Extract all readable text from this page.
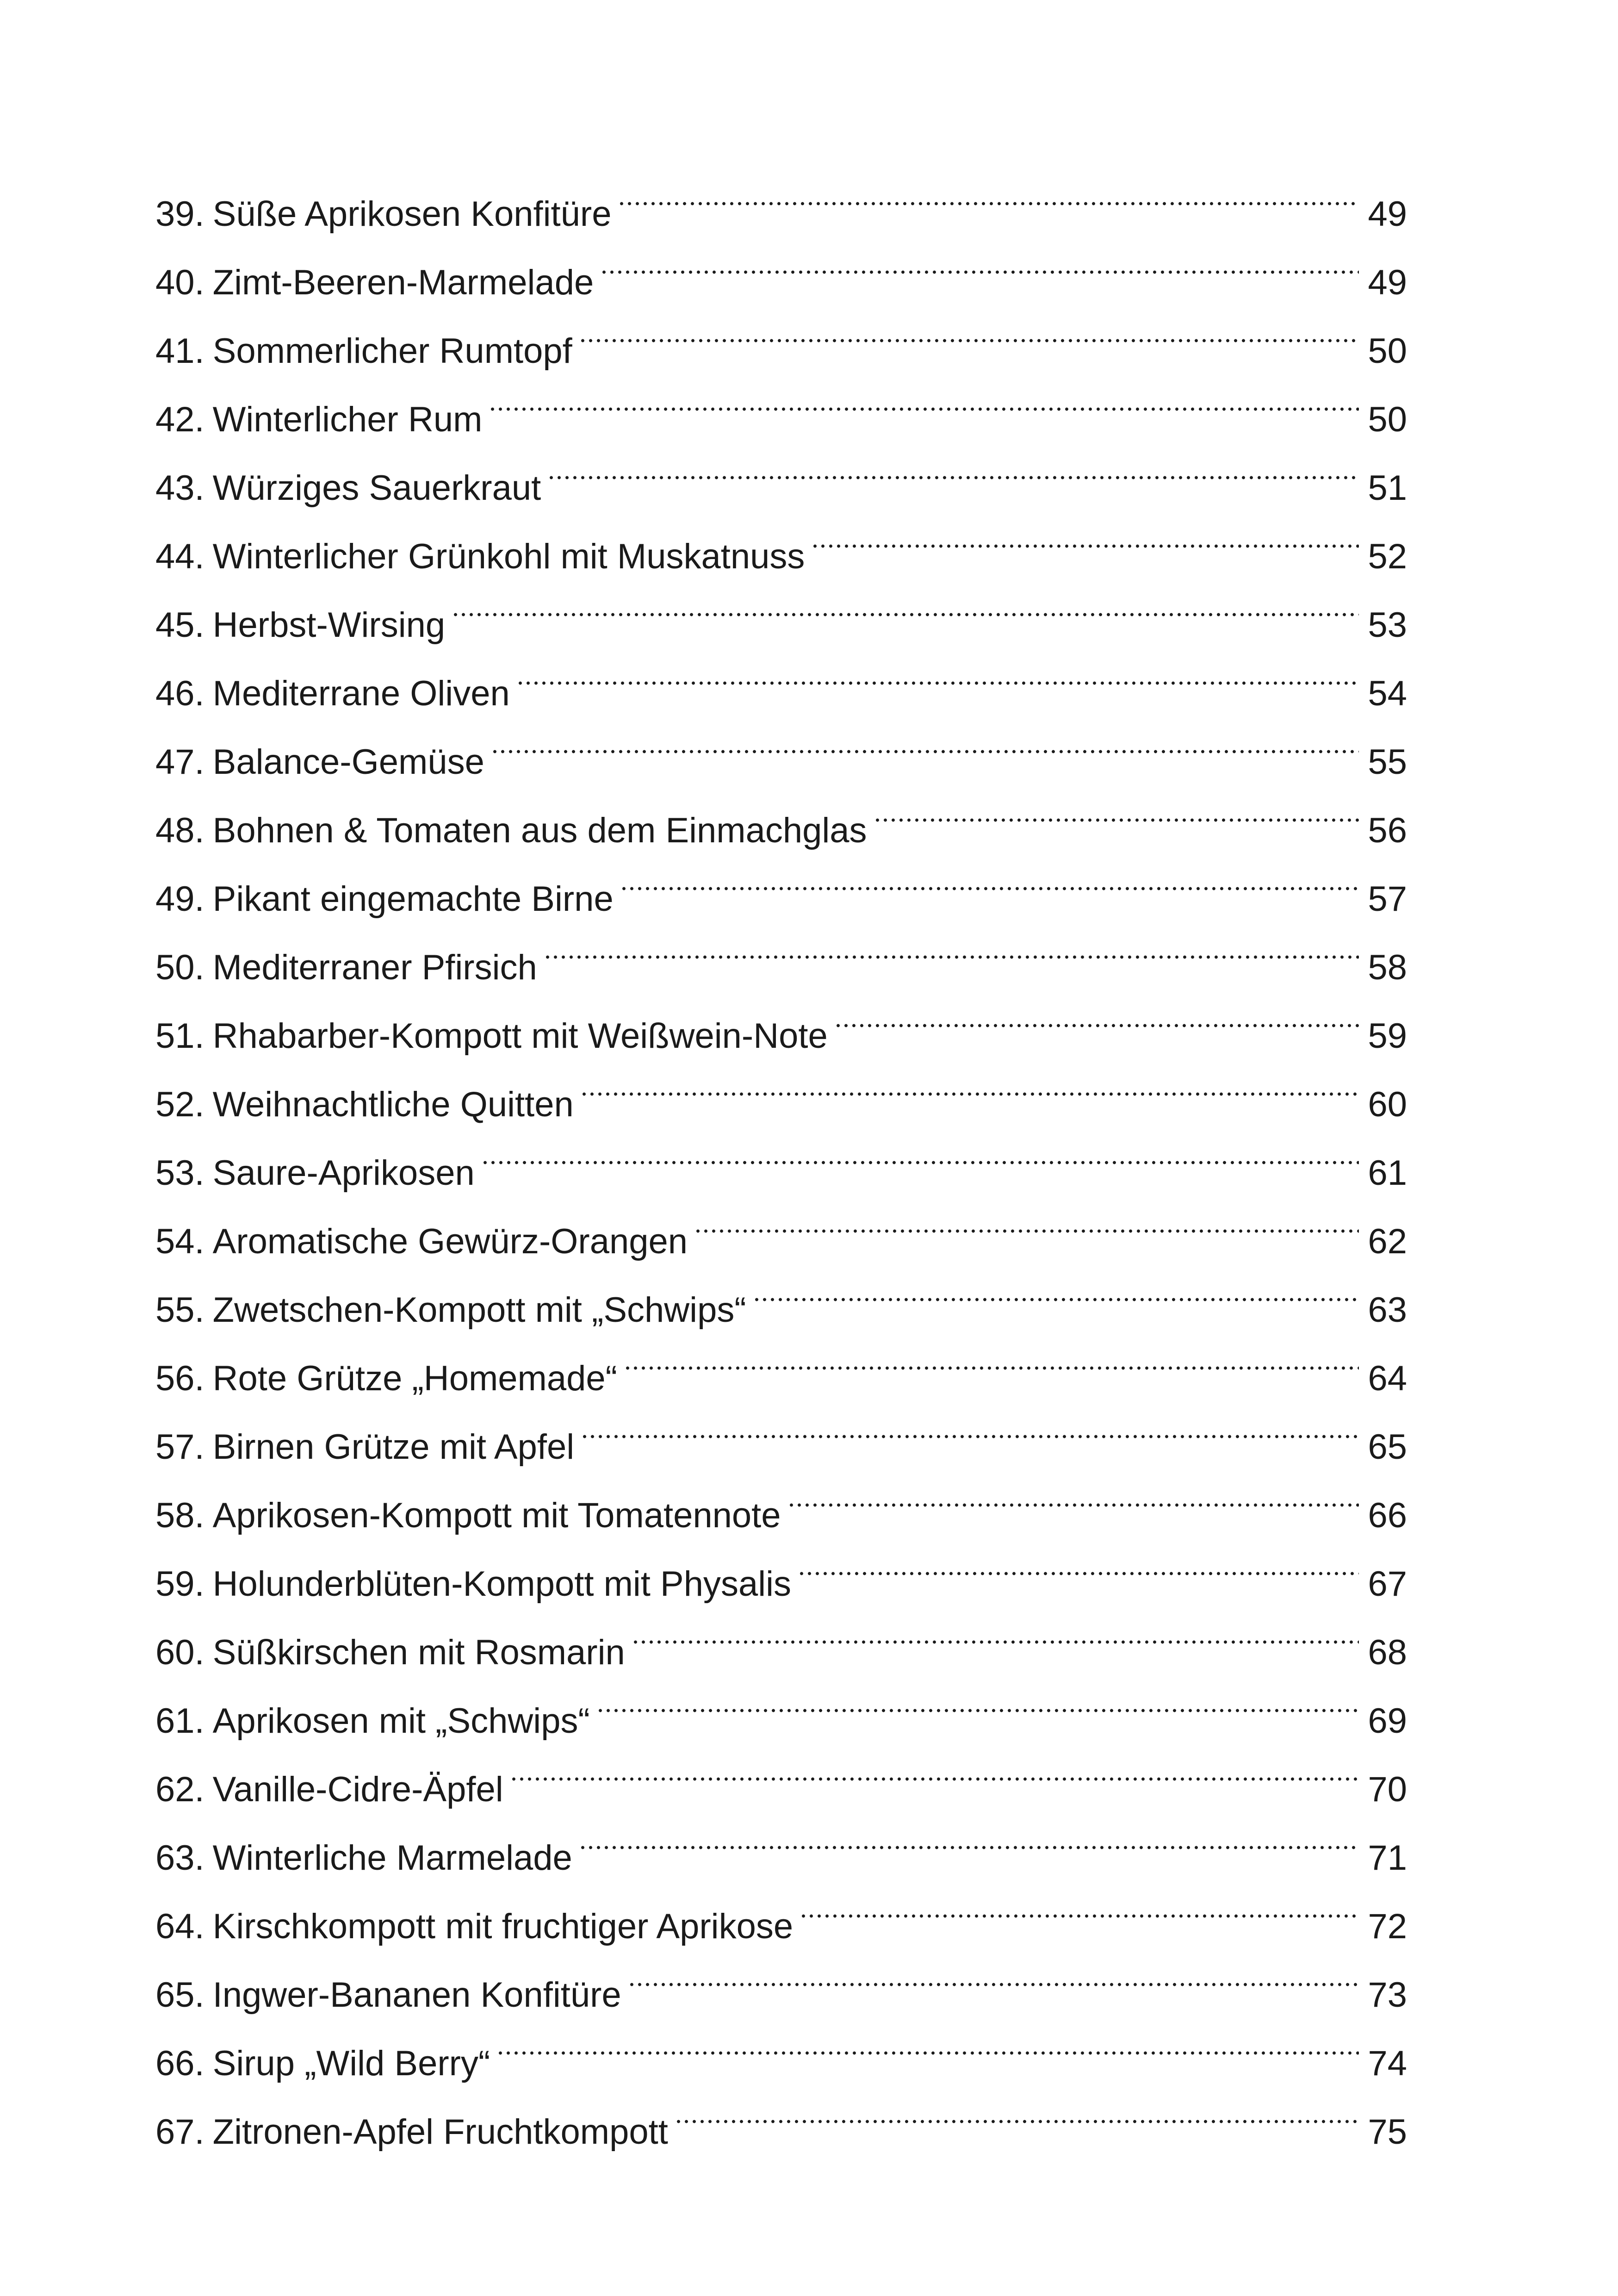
39. Süße Aprikosen Konfitüre	49
40. Zimt-Beeren-Marmelade	49
41. Sommerlicher Rumtopf	50
42. Winterlicher Rum	50
43. Würziges Sauerkraut	51
44. Winterlicher Grünkohl mit Muskatnuss	52
45. Herbst-Wirsing	53
46. Mediterrane Oliven	54
47. Balance-Gemüse	55
48. Bohnen & Tomaten aus dem Einmachglas	56
49. Pikant eingemachte Birne	57
50. Mediterraner Pfirsich	58
51. Rhabarber-Kompott mit Weißwein-Note	59
52. Weihnachtliche Quitten	60
53. Saure-Aprikosen	61
54. Aromatische Gewürz-Orangen	62
55. Zwetschen-Kompott mit „Schwips“	63
56. Rote Grütze „Homemade“	64
57. Birnen Grütze mit Apfel	65
58. Aprikosen-Kompott mit Tomatennote	66
59. Holunderblüten-Kompott mit Physalis	67
60. Süßkirschen mit Rosmarin	68
61. Aprikosen mit „Schwips“	69
62. Vanille-Cidre-Äpfel	70
63. Winterliche Marmelade	71
64. Kirschkompott mit fruchtiger Aprikose	72
65. Ingwer-Bananen Konfitüre	73
66. Sirup „Wild Berry“	74
67. Zitronen-Apfel Fruchtkompott	75
